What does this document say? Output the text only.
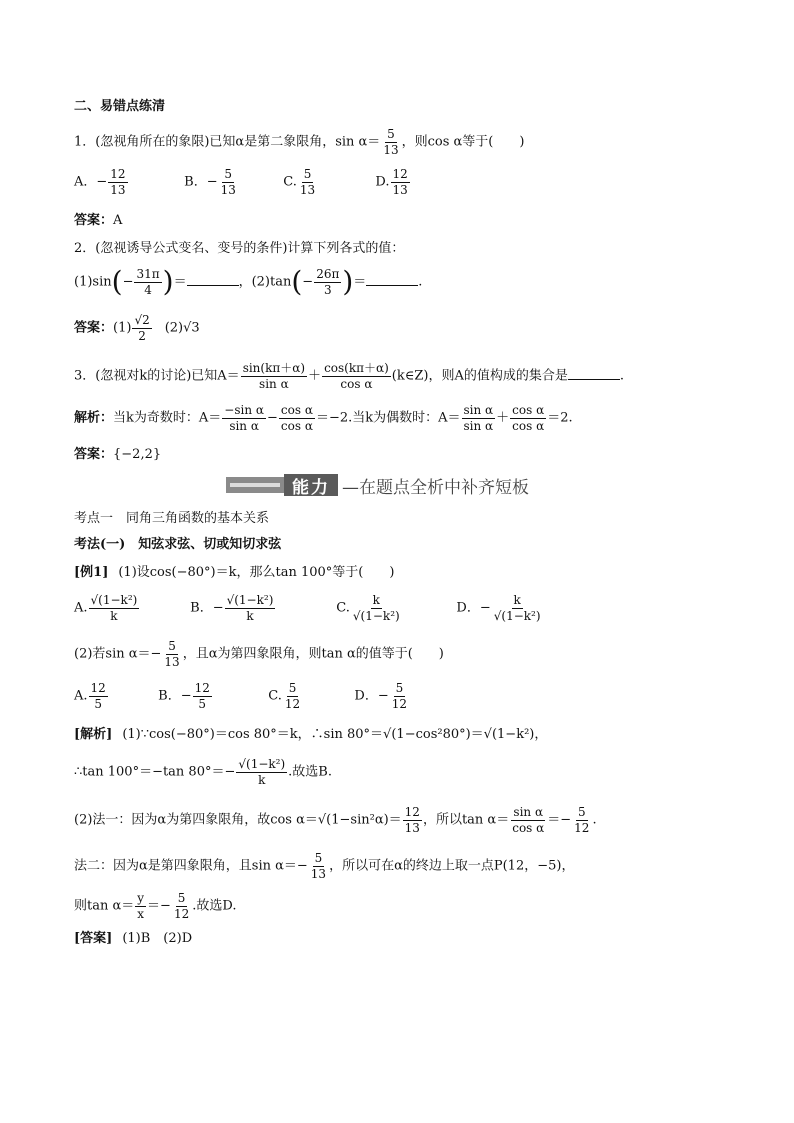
二、易错点练清
1．(忽视角所在的象限)已知α是第二象限角，$\sin \alpha= \frac{5}{13}$ ，则cos α等于(　　)
A．− $\frac{12}{13}$	B．− $\frac{5}{13}$	C. $\frac{5}{13}$	D. $\frac{12}{13}$
答案：A
2．(忽视诱导公式变名、变号的条件)计算下列各式的值：
$(1)\sin(- \frac{31\pi}{4}$ )＝	，$(2)\tan(- \frac{26\pi}{3}$ )＝	.
答案：$(1) \frac{√2}{2} (2)√3$
3．(忽视对k的讨论)已知$A= \frac{\sin(k\pi+\alpha)}{\text{sin α}} + \frac{\cos(k\pi+\alpha)}{\text{cos α}}$ (k∈Z)，则A的值构成的集合是	.
解析：当k为奇数时：$A= \frac{\text{−sin α}}{\text{sin α}} - \frac{\text{cos α}}{\text{cos α}} =-2$.当k为偶数时：$A= \frac{\text{sin α}}{\text{sin α}} + \frac{\text{cos α}}{\text{cos α}} =2$.
答案：{−2,2}
能力 —在题点全析中补齐短板
考点一　同角三角函数的基本关系
考法(一)　知弦求弦、切或知切求弦
[例1] (1)设cos(−80°)＝k，那么tan 100°等于(　　)
A. $\frac{\text{√(1−k²)}}{k}$	B．− $\frac{\text{√(1−k²)}}{k}$	C. $\frac{k}{\text{√(1−k²)}}$	D．− $\frac{k}{\text{√(1−k²)}}$
(2)若$\sin \alpha=- \frac{5}{13}$ ，且α为第四象限角，则tan α的值等于(　　)
A. $\frac{12}{5}$	B．− $\frac{12}{5}$	C. $\frac{5}{12}$	D．− $\frac{5}{12}$
[解析] (1)∵cos(−80°)＝cos 80°＝k，∴sin 80°＝√(1−cos²80°)＝√(1−k²)，
∴tan 100°＝−tan $80^\circ=- \frac{\text{√(1−k²)}}{k}$ .故选B.
(2)法一：因为α为第四象限角，故$\cos \alpha=√(1-\sin^2\alpha)= \frac{12}{13}$ ，所以$\tan \alpha= \frac{\text{sin α}}{\text{cos α}} =- \frac{5}{12}$ .
法二：因为α是第四象限角，且$\sin \alpha=- \frac{5}{13}$ ，所以可在α的终边上取一点P(12，−5)，
则$\tan \alpha= \frac{y}{x} =- \frac{5}{12}$ .故选D.
[答案] (1)B　(2)D
